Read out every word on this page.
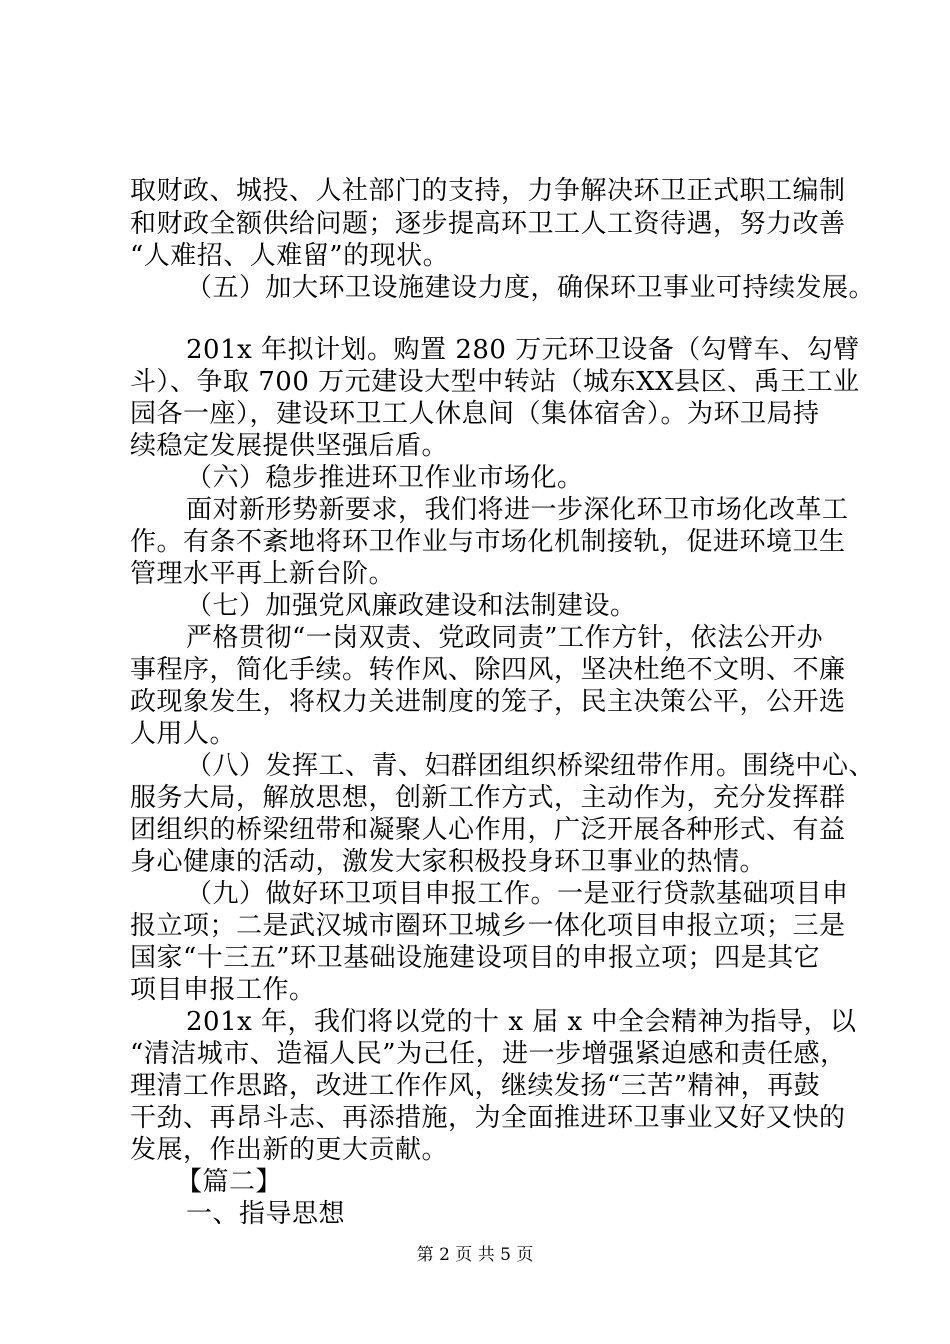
取财政、城投、人社部门的支持，力争解决环卫正式职工编制
和财政全额供给问题；逐步提高环卫工人工资待遇，努力改善
“人难招、人难留”的现状。
（五）加大环卫设施建设力度，确保环卫事业可持续发展。
201x 年拟计划。购置 280 万元环卫设备（勾臂车、勾臂
斗）、争取 700 万元建设大型中转站（城东XX县区、禹王工业
园各一座），建设环卫工人休息间（集体宿舍）。为环卫局持
续稳定发展提供坚强后盾。
（六）稳步推进环卫作业市场化。
面对新形势新要求，我们将进一步深化环卫市场化改革工
作。有条不紊地将环卫作业与市场化机制接轨，促进环境卫生
管理水平再上新台阶。
（七）加强党风廉政建设和法制建设。
严格贯彻“一岗双责、党政同责”工作方针，依法公开办
事程序，简化手续。转作风、除四风，坚决杜绝不文明、不廉
政现象发生，将权力关进制度的笼子，民主决策公平，公开选
人用人。
（八）发挥工、青、妇群团组织桥梁纽带作用。围绕中心、
服务大局，解放思想，创新工作方式，主动作为，充分发挥群
团组织的桥梁纽带和凝聚人心作用，广泛开展各种形式、有益
身心健康的活动，激发大家积极投身环卫事业的热情。
（九）做好环卫项目申报工作。一是亚行贷款基础项目申
报立项；二是武汉城市圈环卫城乡一体化项目申报立项；三是
国家“十三五”环卫基础设施建设项目的申报立项；四是其它
项目申报工作。
201x 年，我们将以党的十 x 届 x 中全会精神为指导，以
“清洁城市、造福人民”为己任，进一步增强紧迫感和责任感，
理清工作思路，改进工作作风，继续发扬“三苦”精神，再鼓
干劲、再昂斗志、再添措施，为全面推进环卫事业又好又快的
发展，作出新的更大贡献。
【篇二】
一、指导思想
第 2 页 共 5 页
